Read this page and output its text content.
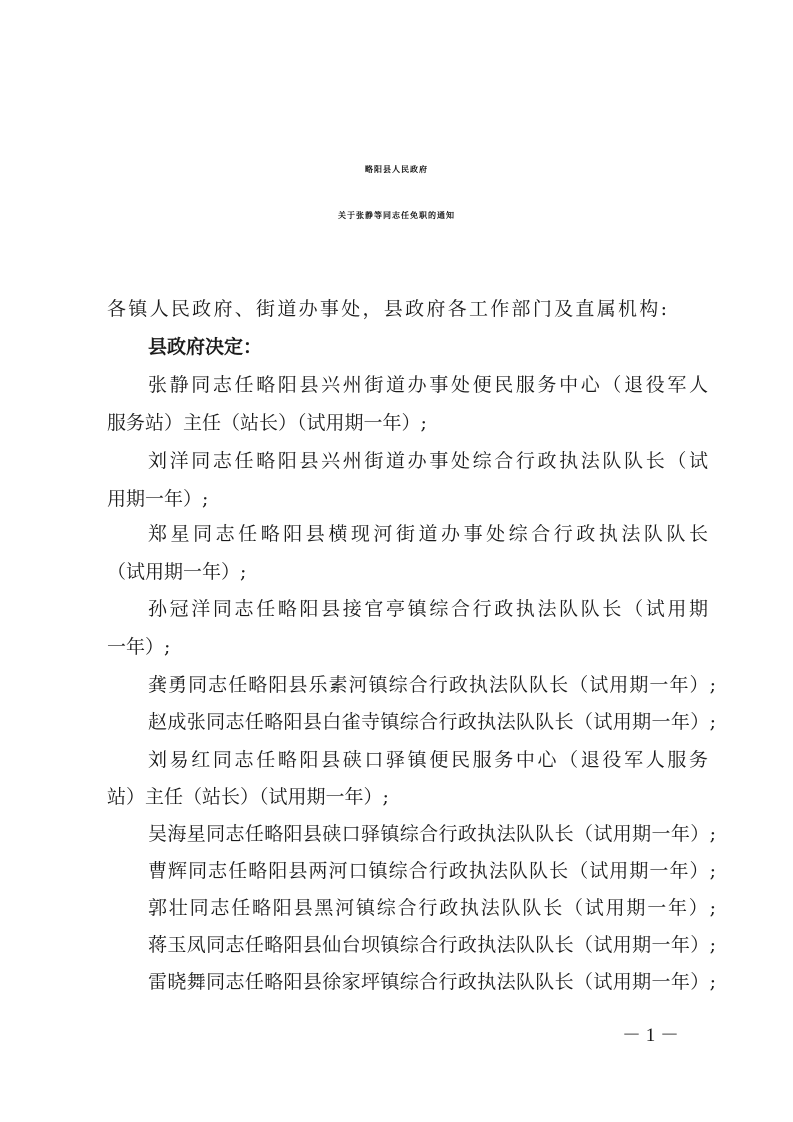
略阳县人民政府
关于张静等同志任免职的通知
各镇人民政府、街道办事处，县政府各工作部门及直属机构:
县政府决定：
张静同志任略阳县兴州街道办事处便民服务中心（退役军人
服务站）主任（站长）（试用期一年）;
刘洋同志任略阳县兴州街道办事处综合行政执法队队长（试
用期一年）;
郑星同志任略阳县横现河街道办事处综合行政执法队队长
（试用期一年）;
孙冠洋同志任略阳县接官亭镇综合行政执法队队长（试用期
一年）;
龚勇同志任略阳县乐素河镇综合行政执法队队长（试用期一年）;
赵成张同志任略阳县白雀寺镇综合行政执法队队长（试用期一年）;
刘易红同志任略阳县硖口驿镇便民服务中心（退役军人服务
站）主任（站长）（试用期一年）;
吴海星同志任略阳县硖口驿镇综合行政执法队队长（试用期一年）;
曹辉同志任略阳县两河口镇综合行政执法队队长（试用期一年）;
郭壮同志任略阳县黑河镇综合行政执法队队长（试用期一年）;
蒋玉凤同志任略阳县仙台坝镇综合行政执法队队长（试用期一年）;
雷晓舞同志任略阳县徐家坪镇综合行政执法队队长（试用期一年）;
－ 1 －
